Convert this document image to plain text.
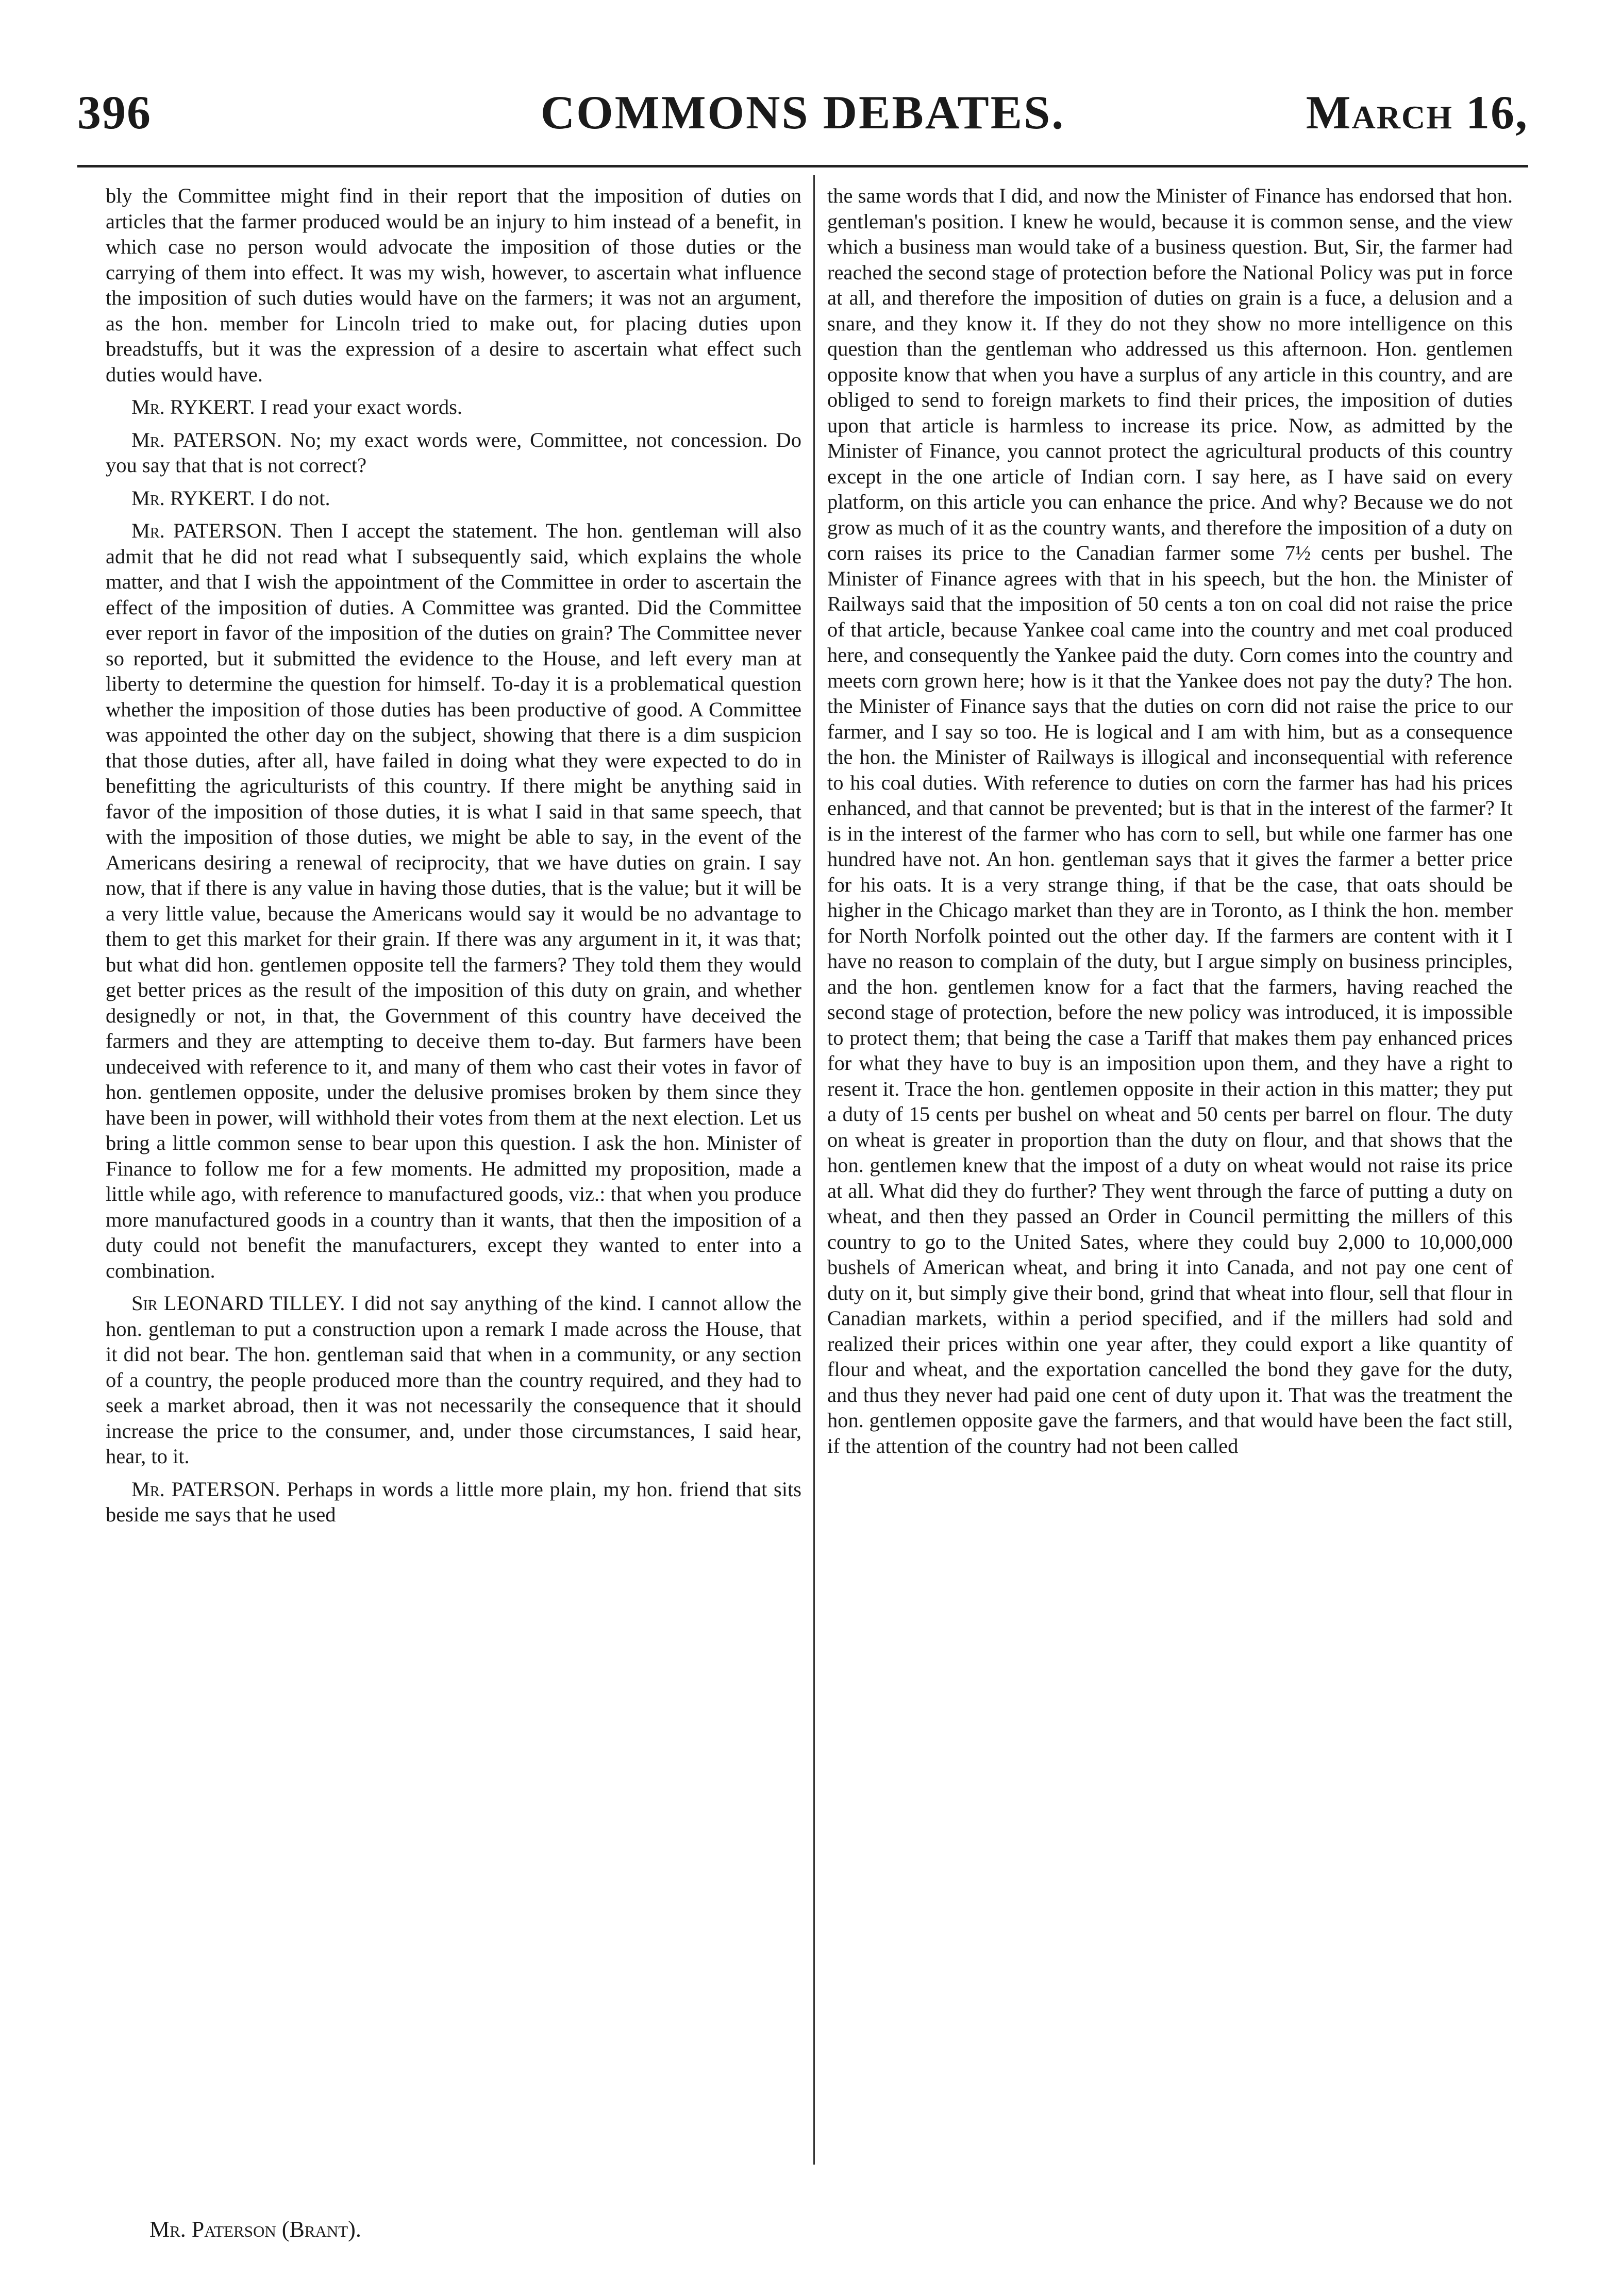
396	COMMONS DEBATES.	March 16,

bly the Committee might find in their report that the imposition of duties on articles that the farmer produced would be an injury to him instead of a benefit, in which case no person would advocate the imposition of those duties or the carrying of them into effect. It was my wish, however, to ascertain what influence the imposition of such duties would have on the farmers; it was not an argument, as the hon. member for Lincoln tried to make out, for placing duties upon breadstuffs, but it was the expression of a desire to ascertain what effect such duties would have.

Mr. RYKERT. I read your exact words.

Mr. PATERSON. No; my exact words were, Committee, not concession. Do you say that that is not correct?

Mr. RYKERT. I do not.

Mr. PATERSON. Then I accept the statement. The hon. gentleman will also admit that he did not read what I subsequently said, which explains the whole matter, and that I wish the appointment of the Committee in order to ascertain the effect of the imposition of duties. A Committee was granted. Did the Committee ever report in favor of the imposition of the duties on grain? The Committee never so reported, but it submitted the evidence to the House, and left every man at liberty to determine the question for himself. To-day it is a problematical question whether the imposition of those duties has been productive of good. A Committee was appointed the other day on the subject, showing that there is a dim suspicion that those duties, after all, have failed in doing what they were expected to do in benefitting the agriculturists of this country. If there might be anything said in favor of the imposition of those duties, it is what I said in that same speech, that with the imposition of those duties, we might be able to say, in the event of the Americans desiring a renewal of reciprocity, that we have duties on grain. I say now, that if there is any value in having those duties, that is the value; but it will be a very little value, because the Americans would say it would be no advantage to them to get this market for their grain. If there was any argument in it, it was that; but what did hon. gentlemen opposite tell the farmers? They told them they would get better prices as the result of the imposition of this duty on grain, and whether designedly or not, in that, the Government of this country have deceived the farmers and they are attempting to deceive them to-day. But farmers have been undeceived with reference to it, and many of them who cast their votes in favor of hon. gentlemen opposite, under the delusive promises broken by them since they have been in power, will withhold their votes from them at the next election. Let us bring a little common sense to bear upon this question. I ask the hon. Minister of Finance to follow me for a few moments. He admitted my proposition, made a little while ago, with reference to manufactured goods, viz.: that when you produce more manufactured goods in a country than it wants, that then the imposition of a duty could not benefit the manufacturers, except they wanted to enter into a combination.

Sir LEONARD TILLEY. I did not say anything of the kind. I cannot allow the hon. gentleman to put a construction upon a remark I made across the House, that it did not bear. The hon. gentleman said that when in a community, or any section of a country, the people produced more than the country required, and they had to seek a market abroad, then it was not necessarily the consequence that it should increase the price to the consumer, and, under those circumstances, I said hear, hear, to it.

Mr. PATERSON. Perhaps in words a little more plain, my hon. friend that sits beside me says that he used

the same words that I did, and now the Minister of Finance has endorsed that hon. gentleman's position. I knew he would, because it is common sense, and the view which a business man would take of a business question. But, Sir, the farmer had reached the second stage of protection before the National Policy was put in force at all, and therefore the imposition of duties on grain is a fuce, a delusion and a snare, and they know it. If they do not they show no more intelligence on this question than the gentleman who addressed us this afternoon. Hon. gentlemen opposite know that when you have a surplus of any article in this country, and are obliged to send to foreign markets to find their prices, the imposition of duties upon that article is harmless to increase its price. Now, as admitted by the Minister of Finance, you cannot protect the agricultural products of this country except in the one article of Indian corn. I say here, as I have said on every platform, on this article you can enhance the price. And why? Because we do not grow as much of it as the country wants, and therefore the imposition of a duty on corn raises its price to the Canadian farmer some 7½ cents per bushel. The Minister of Finance agrees with that in his speech, but the hon. the Minister of Railways said that the imposition of 50 cents a ton on coal did not raise the price of that article, because Yankee coal came into the country and met coal produced here, and consequently the Yankee paid the duty. Corn comes into the country and meets corn grown here; how is it that the Yankee does not pay the duty? The hon. the Minister of Finance says that the duties on corn did not raise the price to our farmer, and I say so too. He is logical and I am with him, but as a consequence the hon. the Minister of Railways is illogical and inconsequential with reference to his coal duties. With reference to duties on corn the farmer has had his prices enhanced, and that cannot be prevented; but is that in the interest of the farmer? It is in the interest of the farmer who has corn to sell, but while one farmer has one hundred have not. An hon. gentleman says that it gives the farmer a better price for his oats. It is a very strange thing, if that be the case, that oats should be higher in the Chicago market than they are in Toronto, as I think the hon. member for North Norfolk pointed out the other day. If the farmers are content with it I have no reason to complain of the duty, but I argue simply on business principles, and the hon. gentlemen know for a fact that the farmers, having reached the second stage of protection, before the new policy was introduced, it is impossible to protect them; that being the case a Tariff that makes them pay enhanced prices for what they have to buy is an imposition upon them, and they have a right to resent it. Trace the hon. gentlemen opposite in their action in this matter; they put a duty of 15 cents per bushel on wheat and 50 cents per barrel on flour. The duty on wheat is greater in proportion than the duty on flour, and that shows that the hon. gentlemen knew that the impost of a duty on wheat would not raise its price at all. What did they do further? They went through the farce of putting a duty on wheat, and then they passed an Order in Council permitting the millers of this country to go to the United Sates, where they could buy 2,000 to 10,000,000 bushels of American wheat, and bring it into Canada, and not pay one cent of duty on it, but simply give their bond, grind that wheat into flour, sell that flour in Canadian markets, within a period specified, and if the millers had sold and realized their prices within one year after, they could export a like quantity of flour and wheat, and the exportation cancelled the bond they gave for the duty, and thus they never had paid one cent of duty upon it. That was the treatment the hon. gentlemen opposite gave the farmers, and that would have been the fact still, if the attention of the country had not been called

Mr. Paterson (Brant).
